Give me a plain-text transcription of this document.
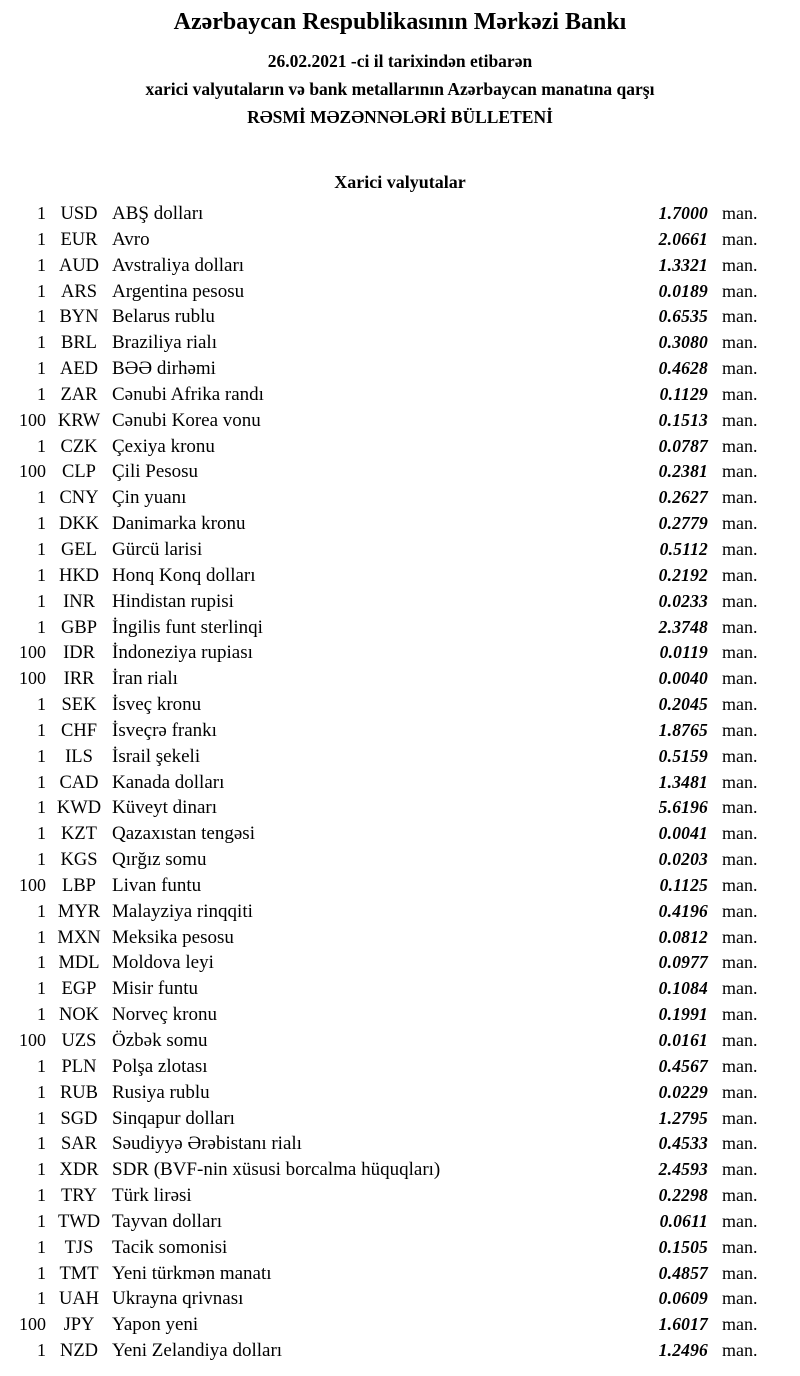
Azərbaycan Respublikasının Mərkəzi Bankı
26.02.2021 -ci il tarixindən etibarən
xarici valyutaların və bank metallarının Azərbaycan manatına qarşı
RƏSMİ MƏZƏNNƏLƏRİ BÜLLETENİ
Xarici valyutalar
1 USD ABŞ dolları	1.7000 man.
1 EUR Avro	2.0661 man.
1 AUD Avstraliya dolları	1.3321 man.
1 ARS Argentina pesosu	0.0189 man.
1 BYN Belarus rublu	0.6535 man.
1 BRL Braziliya rialı	0.3080 man.
1 AED BƏƏ dirhəmi	0.4628 man.
1 ZAR Cənubi Afrika randı	0.1129 man.
100 KRW Cənubi Korea vonu	0.1513 man.
1 CZK Çexiya kronu	0.0787 man.
100 CLP Çili Pesosu	0.2381 man.
1 CNY Çin yuanı	0.2627 man.
1 DKK Danimarka kronu	0.2779 man.
1 GEL Gürcü larisi	0.5112 man.
1 HKD Honq Konq dolları	0.2192 man.
1 INR Hindistan rupisi	0.0233 man.
1 GBP İngilis funt sterlinqi	2.3748 man.
100 IDR İndoneziya rupiası	0.0119 man.
100 IRR İran rialı	0.0040 man.
1 SEK İsveç kronu	0.2045 man.
1 CHF İsveçrə frankı	1.8765 man.
1	ILS	İsrail şekeli	0.5159 man.
1 CAD Kanada dolları	1.3481 man.
1 KWD Küveyt dinarı	5.6196 man.
1 KZT Qazaxıstan tengəsi	0.0041 man.
1 KGS Qırğız somu	0.0203 man.
100 LBP Livan funtu	0.1125 man.
1 MYR Malayziya rinqqiti	0.4196 man.
1 MXN Meksika pesosu	0.0812 man.
1 MDL Moldova leyi	0.0977 man.
1 EGP Misir funtu	0.1084 man.
1 NOK Norveç kronu	0.1991 man.
100 UZS Özbək somu	0.0161 man.
1 PLN Polşa zlotası	0.4567 man.
1 RUB Rusiya rublu	0.0229 man.
1 SGD Sinqapur dolları	1.2795 man.
1 SAR Səudiyyə Ərəbistanı rialı	0.4533 man.
1 XDR SDR (BVF-nin xüsusi borcalma hüquqları)	2.4593 man.
1 TRY Türk lirəsi	0.2298 man.
1 TWD Tayvan dolları	0.0611 man.
1	TJS Tacik somonisi	0.1505 man.
1 TMT Yeni türkmən manatı	0.4857 man.
1 UAH Ukrayna qrivnası	0.0609 man.
100 JPY Yapon yeni	1.6017 man.
1 NZD Yeni Zelandiya dolları	1.2496 man.
